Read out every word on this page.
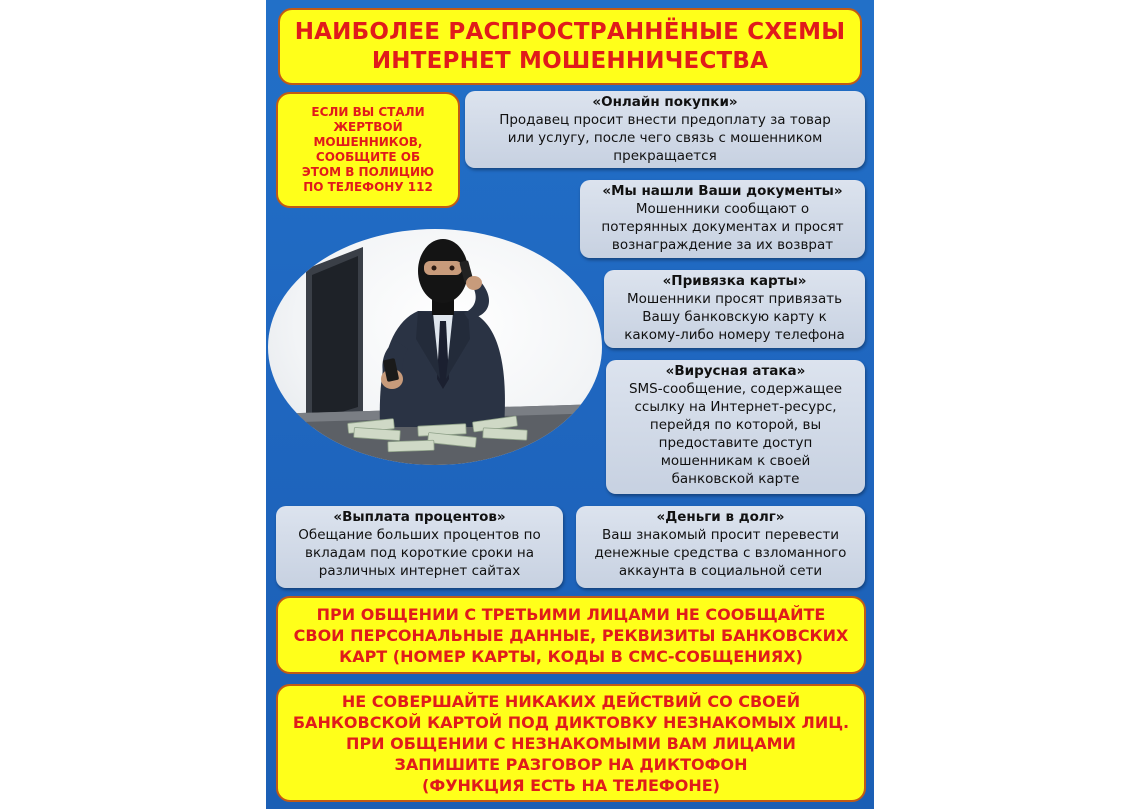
НАИБОЛЕЕ РАСПРОСТРАННЁНЫЕ СХЕМЫ
ИНТЕРНЕТ МОШЕННИЧЕСТВА
ЕСЛИ ВЫ СТАЛИ
ЖЕРТВОЙ
МОШЕННИКОВ,
СООБЩИТЕ ОБ
ЭТОМ В ПОЛИЦИЮ
ПО ТЕЛЕФОНУ 112
«Онлайн покупки»
Продавец просит внести предоплату за товар
или услугу, после чего связь с мошенником
прекращается
«Мы нашли Ваши документы»
Мошенники сообщают о
потерянных документах и просят
вознаграждение за их возврат
«Привязка карты»
Мошенники просят привязать
Вашу банковскую карту к
какому-либо номеру телефона
«Вирусная атака»
SMS-сообщение, содержащее
ссылку на Интернет-ресурс,
перейдя по которой, вы
предоставите доступ
мошенникам к своей
банковской карте
«Выплата процентов»
Обещание больших процентов по
вкладам под короткие сроки на
различных интернет сайтах
«Деньги в долг»
Ваш знакомый просит перевести
денежные средства с взломанного
аккаунта в социальной сети
ПРИ ОБЩЕНИИ С ТРЕТЬИМИ ЛИЦАМИ НЕ СООБЩАЙТЕ
СВОИ ПЕРСОНАЛЬНЫЕ ДАННЫЕ, РЕКВИЗИТЫ БАНКОВСКИХ
КАРТ (НОМЕР КАРТЫ, КОДЫ В СМС-СОБЩЕНИЯХ)
НЕ СОВЕРШАЙТЕ НИКАКИХ ДЕЙСТВИЙ СО СВОЕЙ
БАНКОВСКОЙ КАРТОЙ ПОД ДИКТОВКУ НЕЗНАКОМЫХ ЛИЦ.
ПРИ ОБЩЕНИИ С НЕЗНАКОМЫМИ ВАМ ЛИЦАМИ
ЗАПИШИТЕ РАЗГОВОР НА ДИКТОФОН
(ФУНКЦИЯ ЕСТЬ НА ТЕЛЕФОНЕ)
